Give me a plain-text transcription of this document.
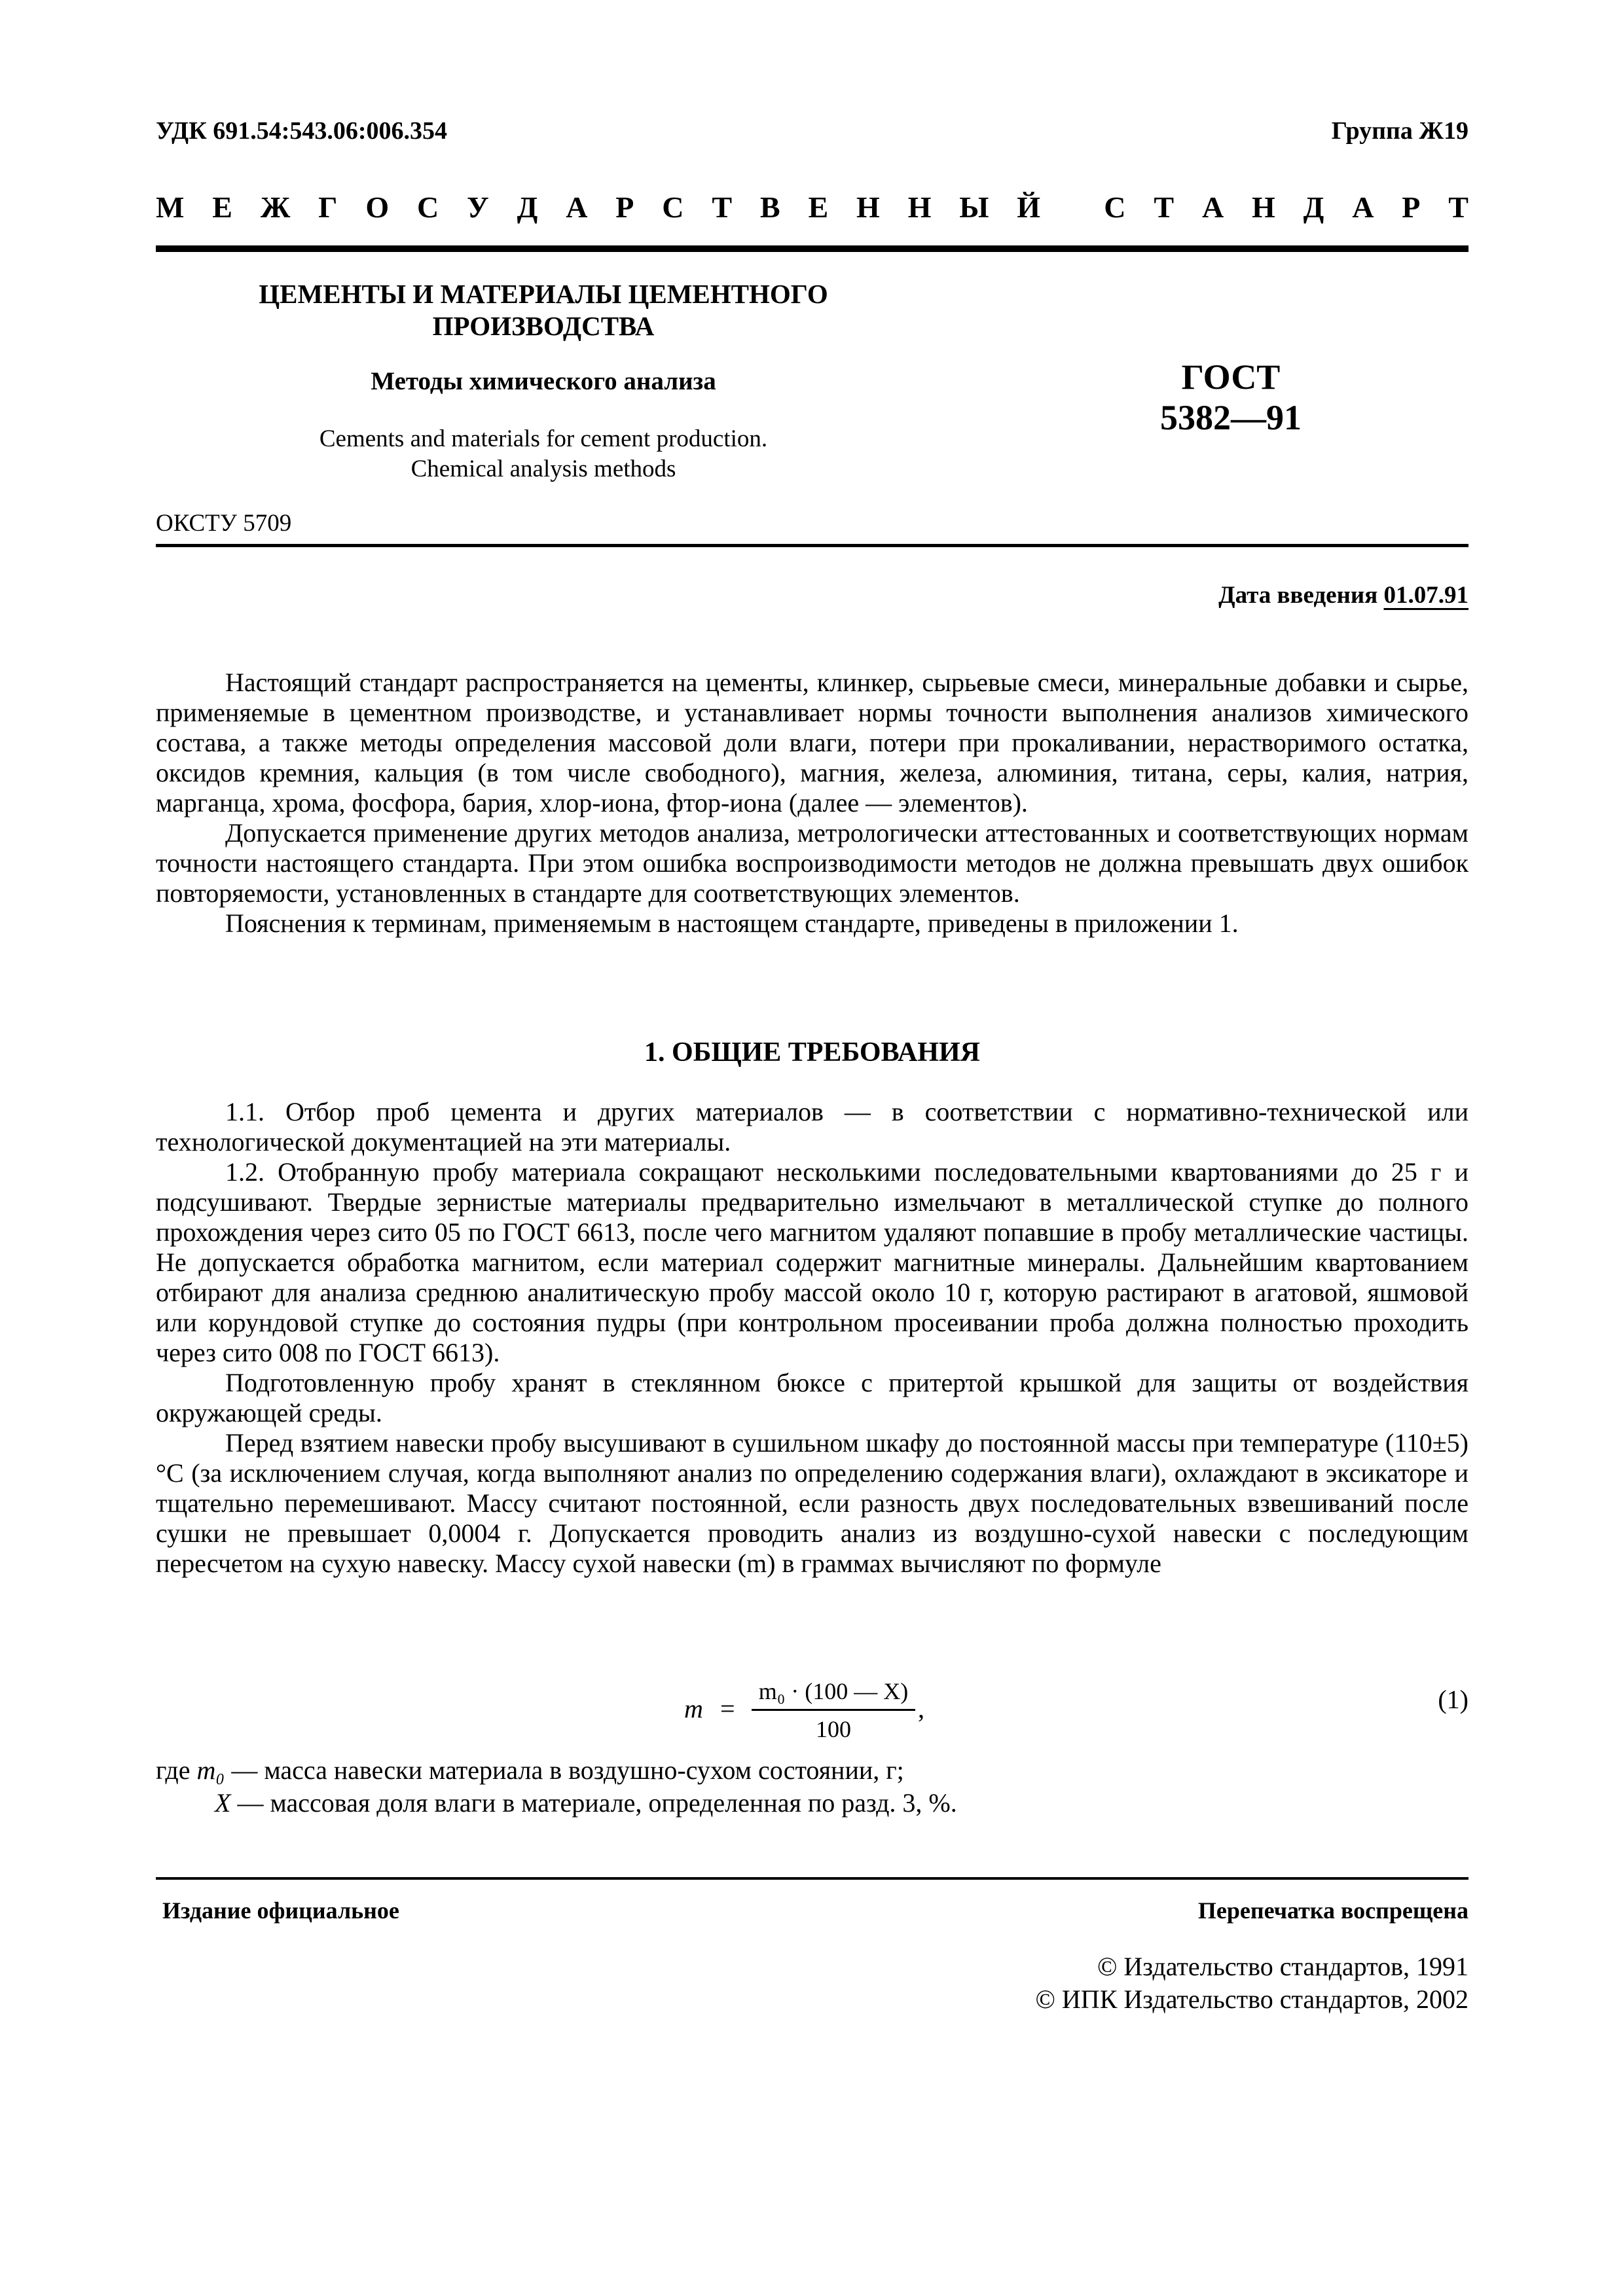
УДК 691.54:543.06:006.354	Группа Ж19
М Е Ж Г О С У Д А Р С Т В Е Н Н Ы Й
С Т А Н Д А Р Т
ЦЕМЕНТЫ И МАТЕРИАЛЫ ЦЕМЕНТНОГО
ПРОИЗВОДСТВА
Методы химического анализа
Cements and materials for cement production.
Chemical analysis methods
ГОСТ
5382—91
ОКСТУ 5709
Дата введения 01.07.91

Настоящий стандарт распространяется на цементы, клинкер, сырьевые смеси, минеральные добавки и сырье, применяемые в цементном производстве, и устанавливает нормы точности выполнения анализов химического состава, а также методы определения массовой доли влаги, потери при прокаливании, нерастворимого остатка, оксидов кремния, кальция (в том числе свободного), магния, железа, алюминия, титана, серы, калия, натрия, марганца, хрома, фосфора, бария, хлор-иона, фтор-иона (далее — элементов).

Допускается применение других методов анализа, метрологически аттестованных и соответствующих нормам точности настоящего стандарта. При этом ошибка воспроизводимости методов не должна превышать двух ошибок повторяемости, установленных в стандарте для соответствующих элементов.

Пояснения к терминам, применяемым в настоящем стандарте, приведены в приложении 1.

1. ОБЩИЕ ТРЕБОВАНИЯ

1.1. Отбор проб цемента и других материалов — в соответствии с нормативно-технической или технологической документацией на эти материалы.

1.2. Отобранную пробу материала сокращают несколькими последовательными квартованиями до 25 г и подсушивают. Твердые зернистые материалы предварительно измельчают в металлической ступке до полного прохождения через сито 05 по ГОСТ 6613, после чего магнитом удаляют попавшие в пробу металлические частицы. Не допускается обработка магнитом, если материал содержит магнитные минералы. Дальнейшим квартованием отбирают для анализа среднюю аналитическую пробу массой около 10 г, которую растирают в агатовой, яшмовой или корундовой ступке до состояния пудры (при контрольном просеивании проба должна полностью проходить через сито 008 по ГОСТ 6613).

Подготовленную пробу хранят в стеклянном бюксе с притертой крышкой для защиты от воздействия окружающей среды.

Перед взятием навески пробу высушивают в сушильном шкафу до постоянной массы при температуре (110±5) °С (за исключением случая, когда выполняют анализ по определению содержания влаги), охлаждают в эксикаторе и тщательно перемешивают. Массу считают постоянной, если разность двух последовательных взвешиваний после сушки не превышает 0,0004 г. Допускается проводить анализ из воздушно-сухой навески с последующим пересчетом на сухую навеску. Массу сухой навески (m) в граммах вычисляют по формуле

m =
m₀ · (100 — X)
100
,	(1)
где m₀ — масса навески материала в воздушно-сухом состоянии, г;
X — массовая доля влаги в материале, определенная по разд. 3, %.
Издание официальное	Перепечатка воспрещена
© Издательство стандартов, 1991
© ИПК Издательство стандартов, 2002
